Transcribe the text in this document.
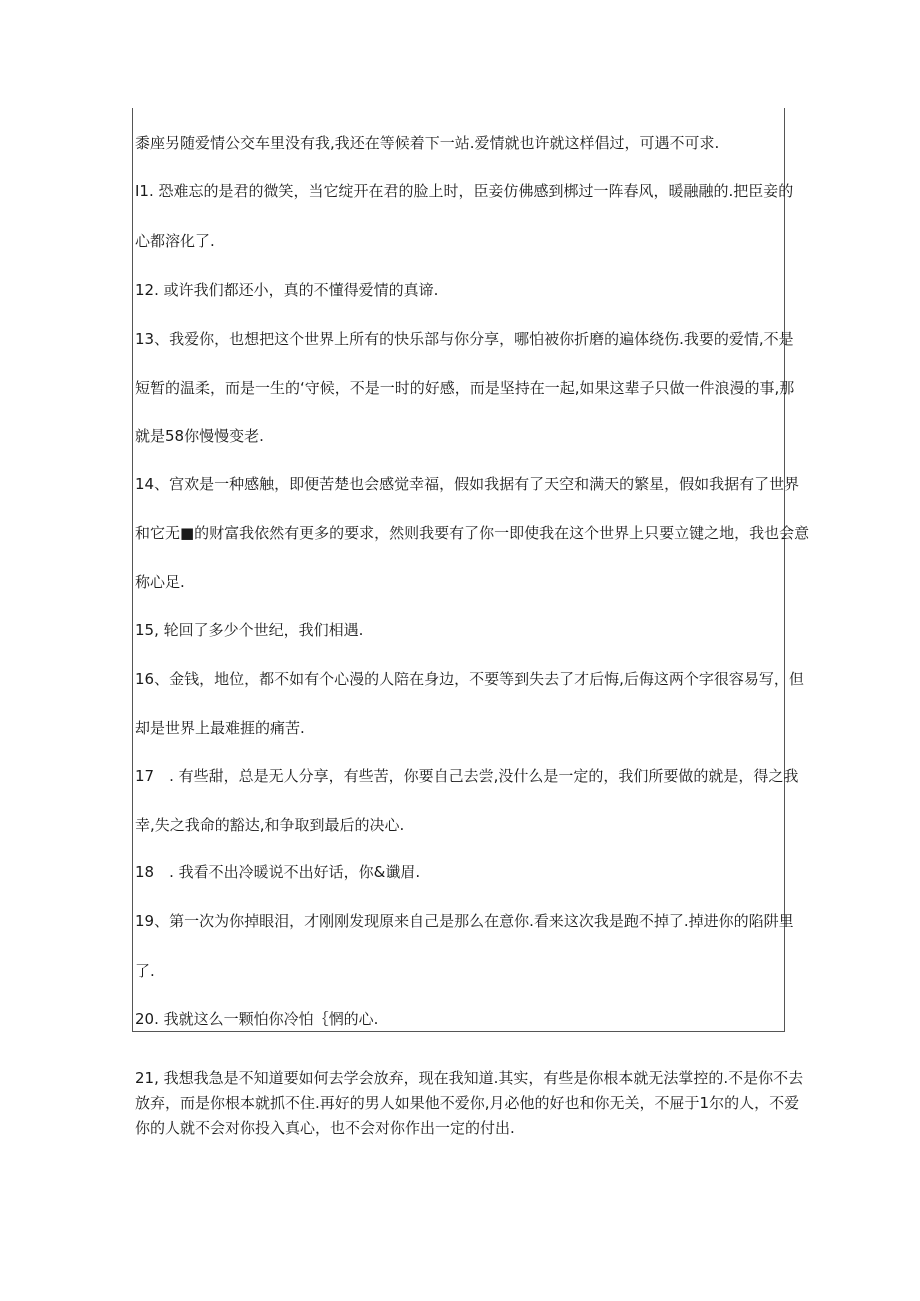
黍座另随爱情公交车里没有我,我还在等候着下一站.爱情就也许就这样倡过，可遇不可求.
I1. 恐难忘的是君的微笑，当它绽开在君的脸上时，臣妾仿佛感到梆过一阵春风，暖融融的.把臣妾的
心都溶化了.
12. 或许我们都还小，真的不懂得爱情的真谛.
13、我爱你，也想把这个世界上所有的快乐部与你分享，哪怕被你折磨的遍体绕伤.我要的爱情,不是
短暂的温柔，而是一生的‘守候，不是一时的好感，而是坚持在一起,如果这辈子只做一件浪漫的事,那
就是58你慢慢变老.
14、宫欢是一种感触，即便苦楚也会感觉幸福，假如我据有了天空和满天的繁星，假如我据有了世界
和它无■的财富我依然有更多的要求，然则我要有了你一即使我在这个世界上只要立键之地，我也会意
称心足.
15, 轮回了多少个世纪，我们相遇.
16、金钱，地位，都不如有个心漫的人陪在身边，不要等到失去了才后悔,后侮这两个字很容易写，但
却是世界上最难捱的痛苦.
17　. 有些甜，总是无人分享，有些苦，你要自己去尝,没什么是一定的，我们所要做的就是，得之我
幸,失之我命的豁达,和争取到最后的决心.
18　. 我看不出冷暖说不出好话，你&谶眉.
19、第一次为你掉眼泪，才刚刚发现原来自己是那么在意你.看来这次我是跑不掉了.掉进你的陷阱里
了.
20. 我就这么一颗怕你冷怕｛惘的心.
21, 我想我急是不知道要如何去学会放弃，现在我知道.其实，有些是你根本就无法掌控的.不是你不去
放弃，而是你根本就抓不住.再好的男人如果他不爱你,月必他的好也和你无关，不屉于1尔的人，不爱
你的人就不会对你投入真心，也不会对你作出一定的付出.
